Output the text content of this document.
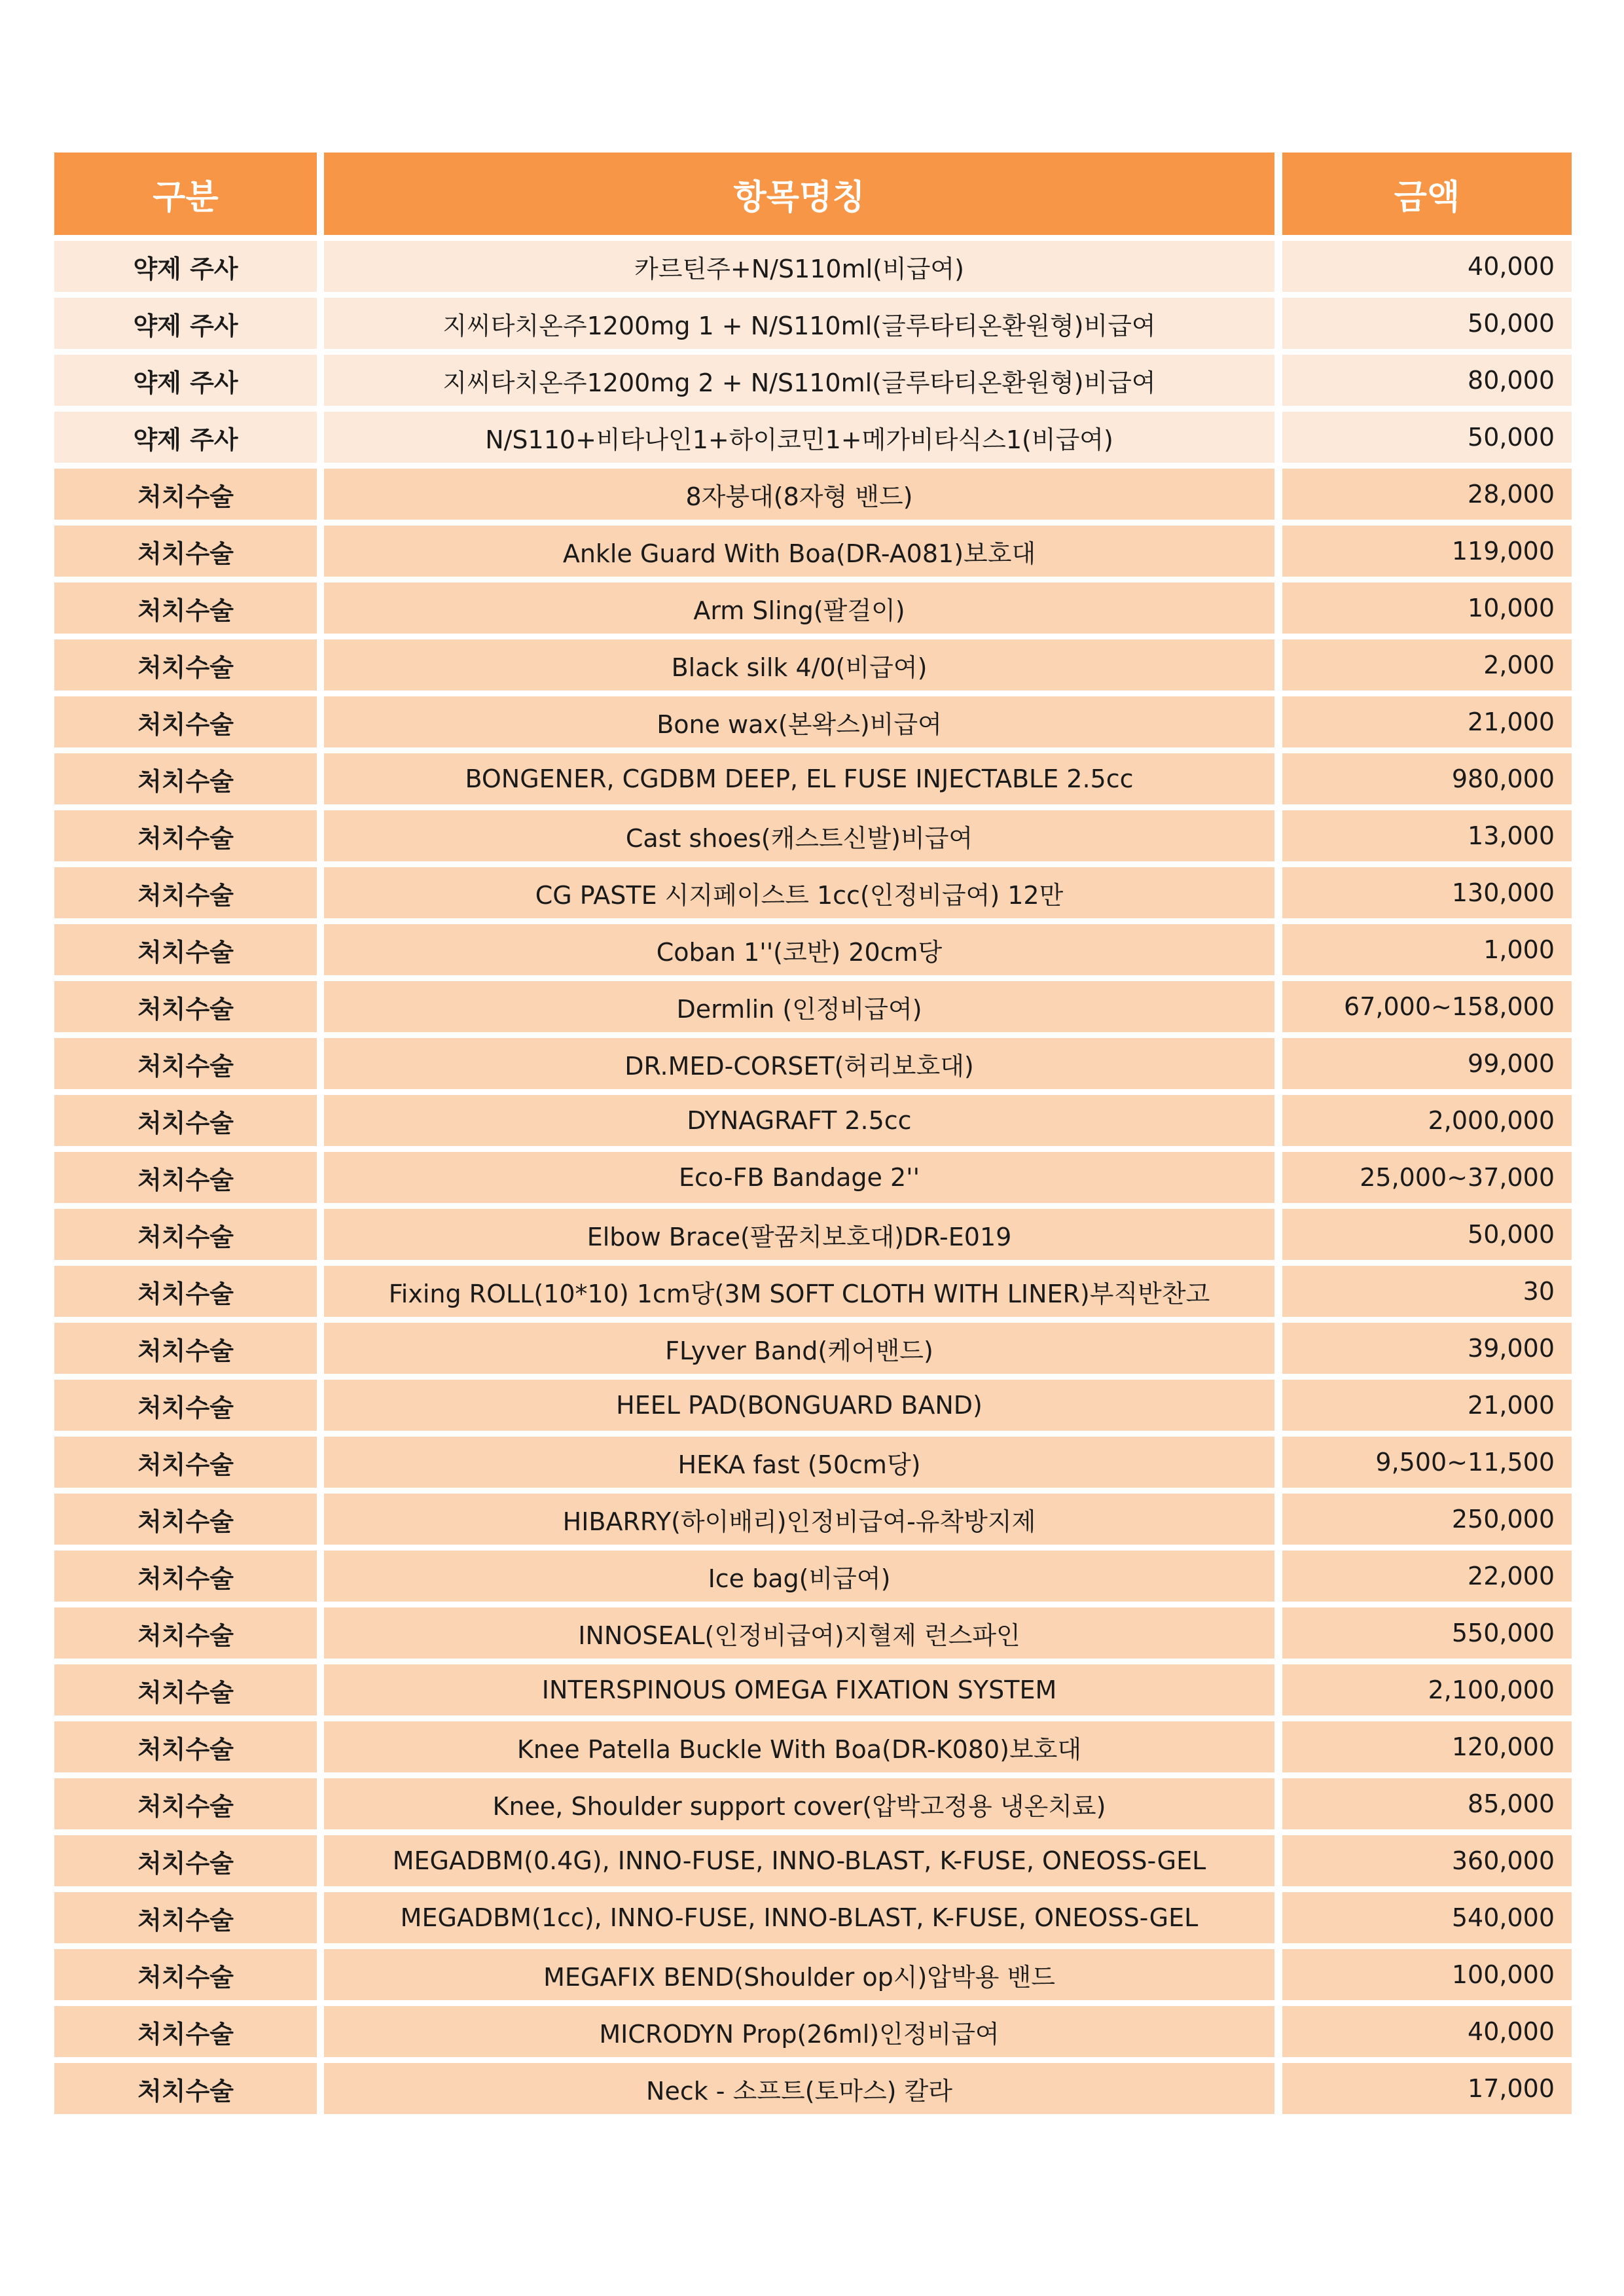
구분	항목명칭	금액
약제 주사	카르틴주+N/S110ml(비급여)	40,000
약제 주사	지씨타치온주1200mg 1 + N/S110ml(글루타티온환원형)비급여	50,000
약제 주사	지씨타치온주1200mg 2 + N/S110ml(글루타티온환원형)비급여	80,000
약제 주사	N/S110+비타나인1+하이코민1+메가비타식스1(비급여)	50,000
처치수술	8자붕대(8자형 밴드)	28,000
처치수술	Ankle Guard With Boa(DR-A081)보호대	119,000
처치수술	Arm Sling(팔걸이)	10,000
처치수술	Black silk 4/0(비급여)	2,000
처치수술	Bone wax(본왁스)비급여	21,000
처치수술	BONGENER, CGDBM DEEP, EL FUSE INJECTABLE 2.5cc	980,000
처치수술	Cast shoes(캐스트신발)비급여	13,000
처치수술	CG PASTE 시지페이스트 1cc(인정비급여) 12만	130,000
처치수술	Coban 1''(코반) 20cm당	1,000
처치수술	Dermlin (인정비급여)	67,000~158,000
처치수술	DR.MED-CORSET(허리보호대)	99,000
처치수술	DYNAGRAFT 2.5cc	2,000,000
처치수술	Eco-FB Bandage 2''	25,000~37,000
처치수술	Elbow Brace(팔꿈치보호대)DR-E019	50,000
처치수술	Fixing ROLL(10*10) 1cm당(3M SOFT CLOTH WITH LINER)부직반찬고	30
처치수술	FLyver Band(케어밴드)	39,000
처치수술	HEEL PAD(BONGUARD BAND)	21,000
처치수술	HEKA fast (50cm당)	9,500~11,500
처치수술	HIBARRY(하이배리)인정비급여-유착방지제	250,000
처치수술	Ice bag(비급여)	22,000
처치수술	INNOSEAL(인정비급여)지혈제 런스파인	550,000
처치수술	INTERSPINOUS OMEGA FIXATION SYSTEM	2,100,000
처치수술	Knee Patella Buckle With Boa(DR-K080)보호대	120,000
처치수술	Knee, Shoulder support cover(압박고정용 냉온치료)	85,000
처치수술	MEGADBM(0.4G), INNO-FUSE, INNO-BLAST, K-FUSE, ONEOSS-GEL	360,000
처치수술	MEGADBM(1cc), INNO-FUSE, INNO-BLAST, K-FUSE, ONEOSS-GEL	540,000
처치수술	MEGAFIX BEND(Shoulder op시)압박용 밴드	100,000
처치수술	MICRODYN Prop(26ml)인정비급여	40,000
처치수술	Neck - 소프트(토마스) 칼라	17,000
